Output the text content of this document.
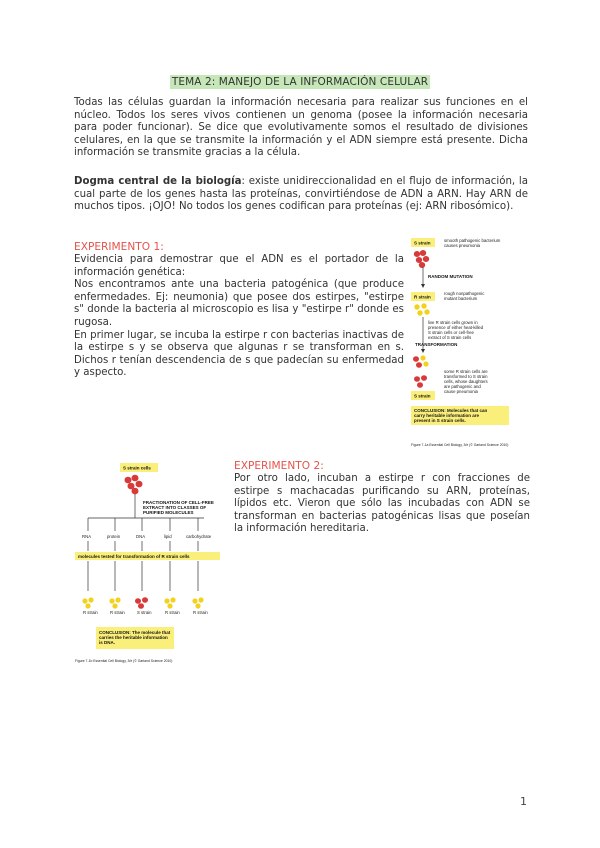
TEMA 2: MANEJO DE LA INFORMACIÓN CELULAR

Todas las células guardan la información necesaria para realizar sus funciones en el núcleo. Todos los seres vivos contienen un genoma (posee la información necesaria para poder funcionar). Se dice que evolutivamente somos el resultado de divisiones celulares, en la que se transmite la información y el ADN siempre está presente. Dicha información se transmite gracias a la célula.

Dogma central de la biología: existe unidireccionalidad en el flujo de información, la cual parte de los genes hasta las proteínas, convirtiéndose de ADN a ARN. Hay ARN de muchos tipos. ¡OJO! No todos los genes codifican para proteínas (ej: ARN ribosómico).

EXPERIMENTO 1:

Evidencia para demostrar que el ADN es el portador de la información genética:

Nos encontramos ante una bacteria patogénica (que produce enfermedades. Ej: neumonia) que posee dos estirpes, "estirpe s" donde la bacteria al microscopio es lisa y "estirpe r" donde es rugosa.

En primer lugar, se incuba la estirpe r con bacterias inactivas de la estirpe s y se observa que algunas r se transforman en s. Dichos r tenían descendencia de s que padecían su enfermedad y aspecto.

S strain	smooth pathogenic bacterium
causes pneumonia
RANDOM MUTATION
R strain
rough nonpathogenic
mutant bacterium
live R strain cells grown in
presence of either heat-killed
S strain cells or cell-free
extract of S strain cells
TRANSFORMATION
S strain
some R strain cells are
transformed to S strain
cells, whose daughters
are pathogenic and
cause pneumonia
CONCLUSION: Molecules that can
carry heritable information are
present in S strain cells.
Figure 7-1a Essential Cell Biology, 3/e (© Garland Science 2010)
S strain cells
FRACTIONATION OF CELL-FREE
EXTRACT INTO CLASSES OF
PURIFIED MOLECULES
RNA	protein	DNA	lipid	carbohydrate
molecules tested for transformation of R strain cells
R strain	R strain	S strain	R strain	R strain
CONCLUSION: The molecule that
carries the heritable information
is DNA.
Figure 7-1b Essential Cell Biology, 3/e (© Garland Science 2010)
EXPERIMENTO 2:

Por otro lado, incuban a estirpe r con fracciones de estirpe s machacadas purificando su ARN, proteínas, lípidos etc. Vieron que sólo las incubadas con ADN se transforman en bacterias patogénicas lisas que poseían la información hereditaria.

1
